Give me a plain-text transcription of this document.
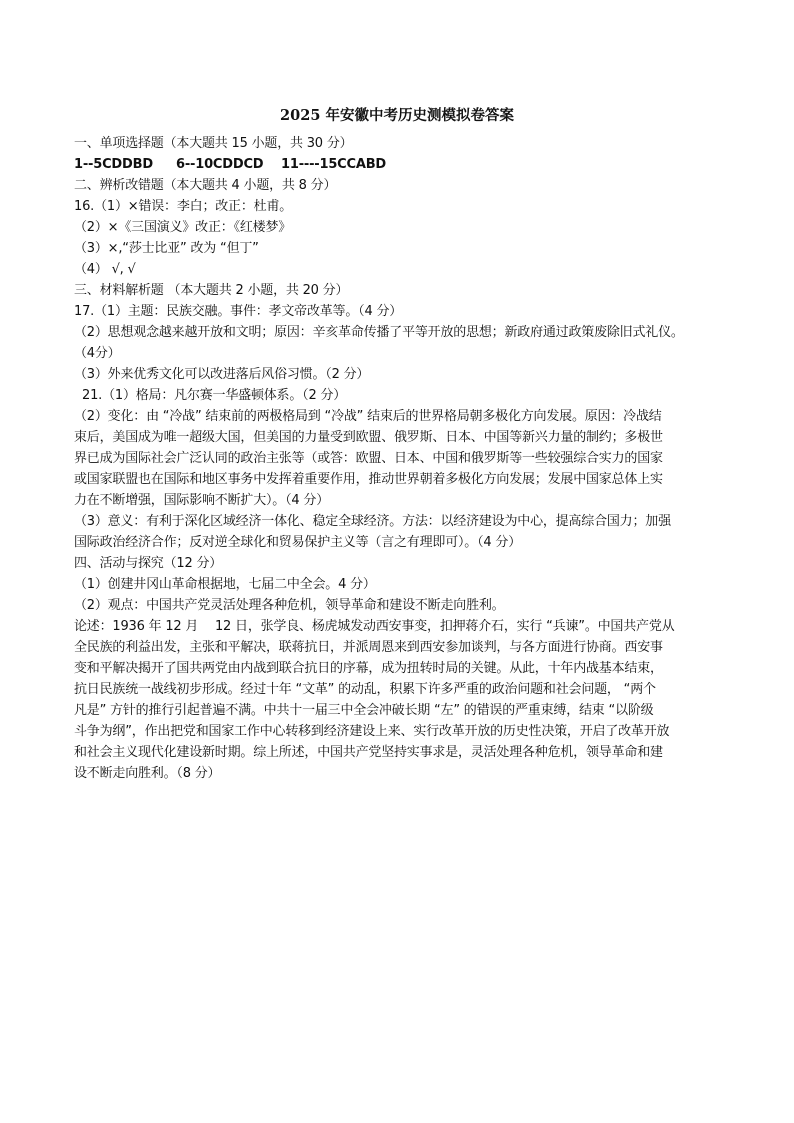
2025 年安徽中考历史测模拟卷答案
一、单项选择题（本大题共 15 小题，共 30 分）
1--5CDDBD 6--10CDDCD 11----15CCABD
二、辨析改错题（本大题共 4 小题，共 8 分）
16.（1）×错误：李白；改正：杜甫。
（2）×《三国演义》改正：《红楼梦》
（3）×,“莎士比亚” 改为 “但丁”
（4） √, √
三、材料解析题 （本大题共 2 小题，共 20 分）
17.（1）主题：民族交融。事件：孝文帝改革等。（4 分）
（2）思想观念越来越开放和文明；原因：辛亥革命传播了平等开放的思想；新政府通过政策废除旧式礼仪。
（4分）
（3）外来优秀文化可以改进落后风俗习惯。（2 分）
21.（1）格局：凡尔赛一华盛顿体系。（2 分）
（2）变化：由 “冷战” 结束前的两极格局到 “冷战” 结束后的世界格局朝多极化方向发展。原因：冷战结
束后，美国成为唯一超级大国，但美国的力量受到欧盟、俄罗斯、日本、中国等新兴力量的制约；多极世
界已成为国际社会广泛认同的政治主张等（或答：欧盟、日本、中国和俄罗斯等一些较强综合实力的国家
或国家联盟也在国际和地区事务中发挥着重要作用，推动世界朝着多极化方向发展；发展中国家总体上实
力在不断增强，国际影响不断扩大）。（4 分）
（3）意义：有利于深化区域经济一体化、稳定全球经济。方法：以经济建设为中心，提高综合国力；加强
国际政治经济合作；反对逆全球化和贸易保护主义等（言之有理即可）。（4 分）
四、活动与探究（12 分）
（1）创建井冈山革命根据地，七届二中全会。4 分）
（2）观点：中国共产党灵活处理各种危机，领导革命和建设不断走向胜利。
论述：1936 年 12 月 　12 日，张学良、杨虎城发动西安事变，扣押蒋介石，实行 “兵谏”。中国共产党从
全民族的利益出发，主张和平解决，联蒋抗日，并派周恩来到西安参加谈判，与各方面进行协商。西安事
变和平解决揭开了国共两党由内战到联合抗日的序幕，成为扭转时局的关键。从此，十年内战基本结束，
抗日民族统一战线初步形成。经过十年 “文革” 的动乱，积累下许多严重的政治问题和社会问题， “两个
凡是” 方针的推行引起普遍不满。中共十一届三中全会冲破长期 “左” 的错误的严重束缚，结束 “以阶级
斗争为纲”，作出把党和国家工作中心转移到经济建设上来、实行改革开放的历史性决策，开启了改革开放
和社会主义现代化建设新时期。综上所述，中国共产党坚持实事求是，灵活处理各种危机，领导革命和建
设不断走向胜利。（8 分）
